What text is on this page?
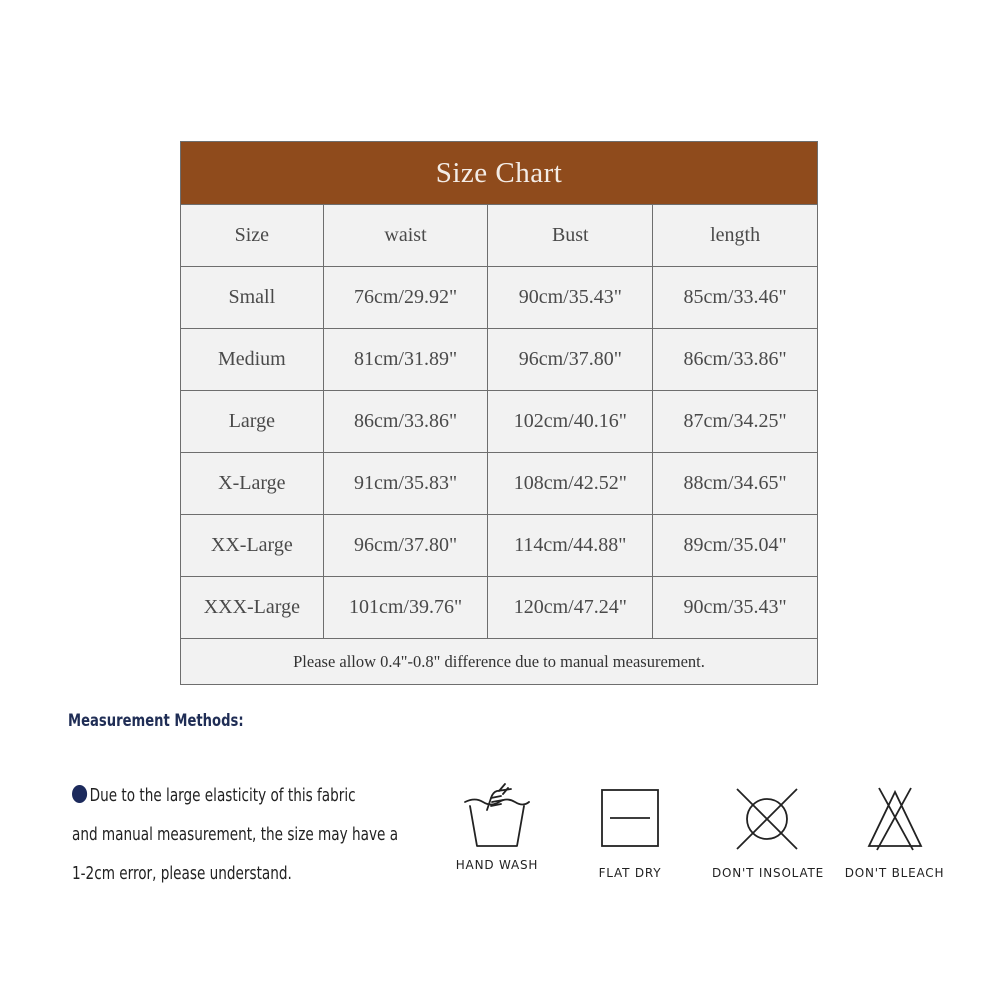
Size Chart			
Size	waist	Bust	length
Small	76cm/29.92"	90cm/35.43"	85cm/33.46"
Medium	81cm/31.89"	96cm/37.80"	86cm/33.86"
Large	86cm/33.86"	102cm/40.16"	87cm/34.25"
X-Large	91cm/35.83"	108cm/42.52"	88cm/34.65"
XX-Large	96cm/37.80"	114cm/44.88"	89cm/35.04"
XXX-Large	101cm/39.76"	120cm/47.24"	90cm/35.43"
Please allow 0.4"-0.8" difference due to manual measurement.			
Measurement Methods:
Due to the large elasticity of this fabric
and manual measurement, the size may have a
1-2cm error, please understand.	HAND WASH
FLAT DRY	DON'T INSOLATE DON'T BLEACH
